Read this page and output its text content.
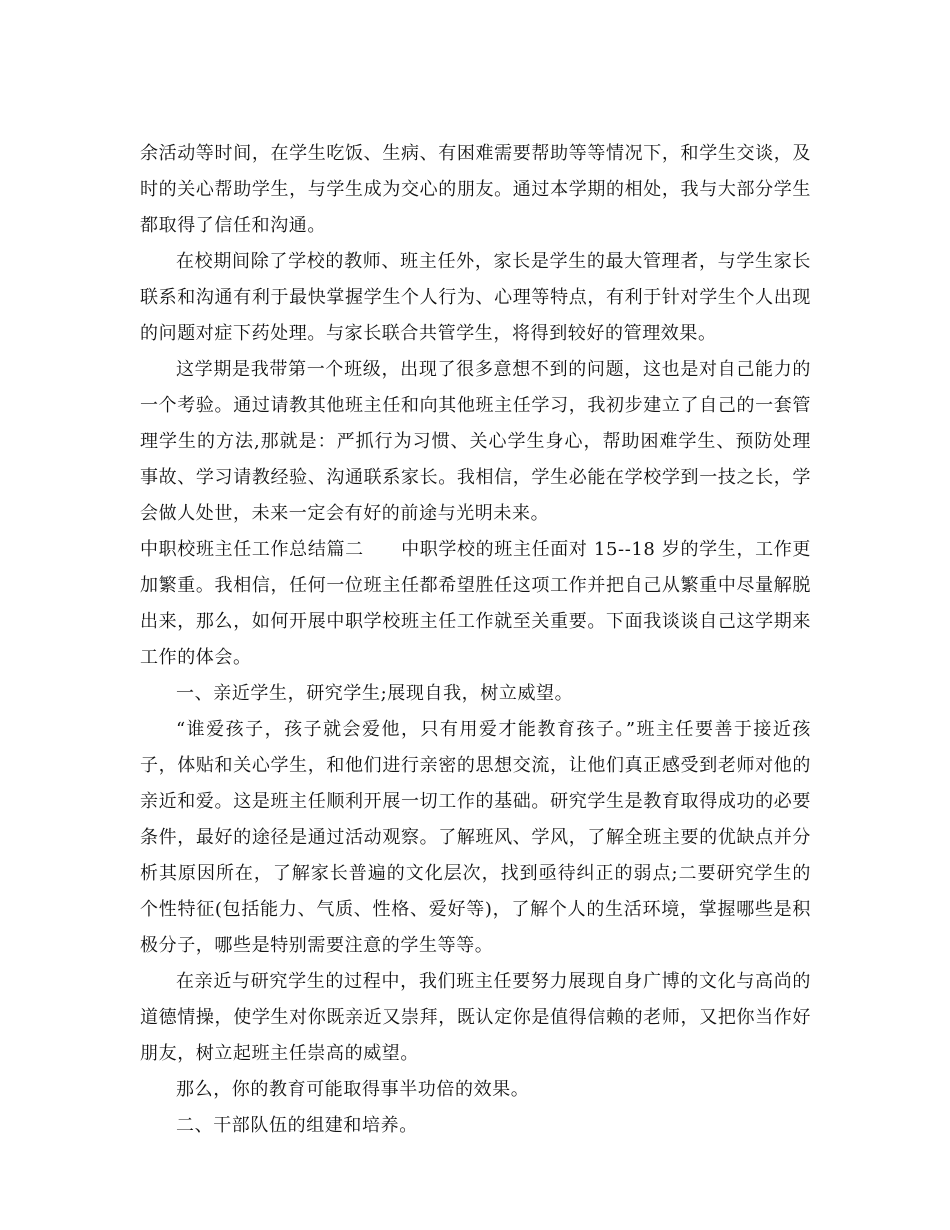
余活动等时间，在学生吃饭、生病、有困难需要帮助等等情况下，和学生交谈，及时的关心帮助学生，与学生成为交心的朋友。通过本学期的相处，我与大部分学生都取得了信任和沟通。

在校期间除了学校的教师、班主任外，家长是学生的最大管理者，与学生家长联系和沟通有利于最快掌握学生个人行为、心理等特点，有利于针对学生个人出现的问题对症下药处理。与家长联合共管学生，将得到较好的管理效果。

这学期是我带第一个班级，出现了很多意想不到的问题，这也是对自己能力的一个考验。通过请教其他班主任和向其他班主任学习，我初步建立了自己的一套管理学生的方法,那就是：严抓行为习惯、关心学生身心，帮助困难学生、预防处理事故、学习请教经验、沟通联系家长。我相信，学生必能在学校学到一技之长，学会做人处世，未来一定会有好的前途与光明未来。

中职校班主任工作总结篇二　　中职学校的班主任面对 15--18 岁的学生，工作更加繁重。我相信，任何一位班主任都希望胜任这项工作并把自己从繁重中尽量解脱出来，那么，如何开展中职学校班主任工作就至关重要。下面我谈谈自己这学期来工作的体会。

一、亲近学生，研究学生;展现自我，树立威望。

“谁爱孩子，孩子就会爱他，只有用爱才能教育孩子。”班主任要善于接近孩子，体贴和关心学生，和他们进行亲密的思想交流，让他们真正感受到老师对他的亲近和爱。这是班主任顺利开展一切工作的基础。研究学生是教育取得成功的必要条件，最好的途径是通过活动观察。了解班风、学风，了解全班主要的优缺点并分析其原因所在，了解家长普遍的文化层次，找到亟待纠正的弱点;二要研究学生的个性特征(包括能力、气质、性格、爱好等)，了解个人的生活环境，掌握哪些是积极分子，哪些是特别需要注意的学生等等。

在亲近与研究学生的过程中，我们班主任要努力展现自身广博的文化与高尚的道德情操，使学生对你既亲近又崇拜，既认定你是值得信赖的老师，又把你当作好朋友，树立起班主任崇高的威望。

那么，你的教育可能取得事半功倍的效果。

二、干部队伍的组建和培养。
